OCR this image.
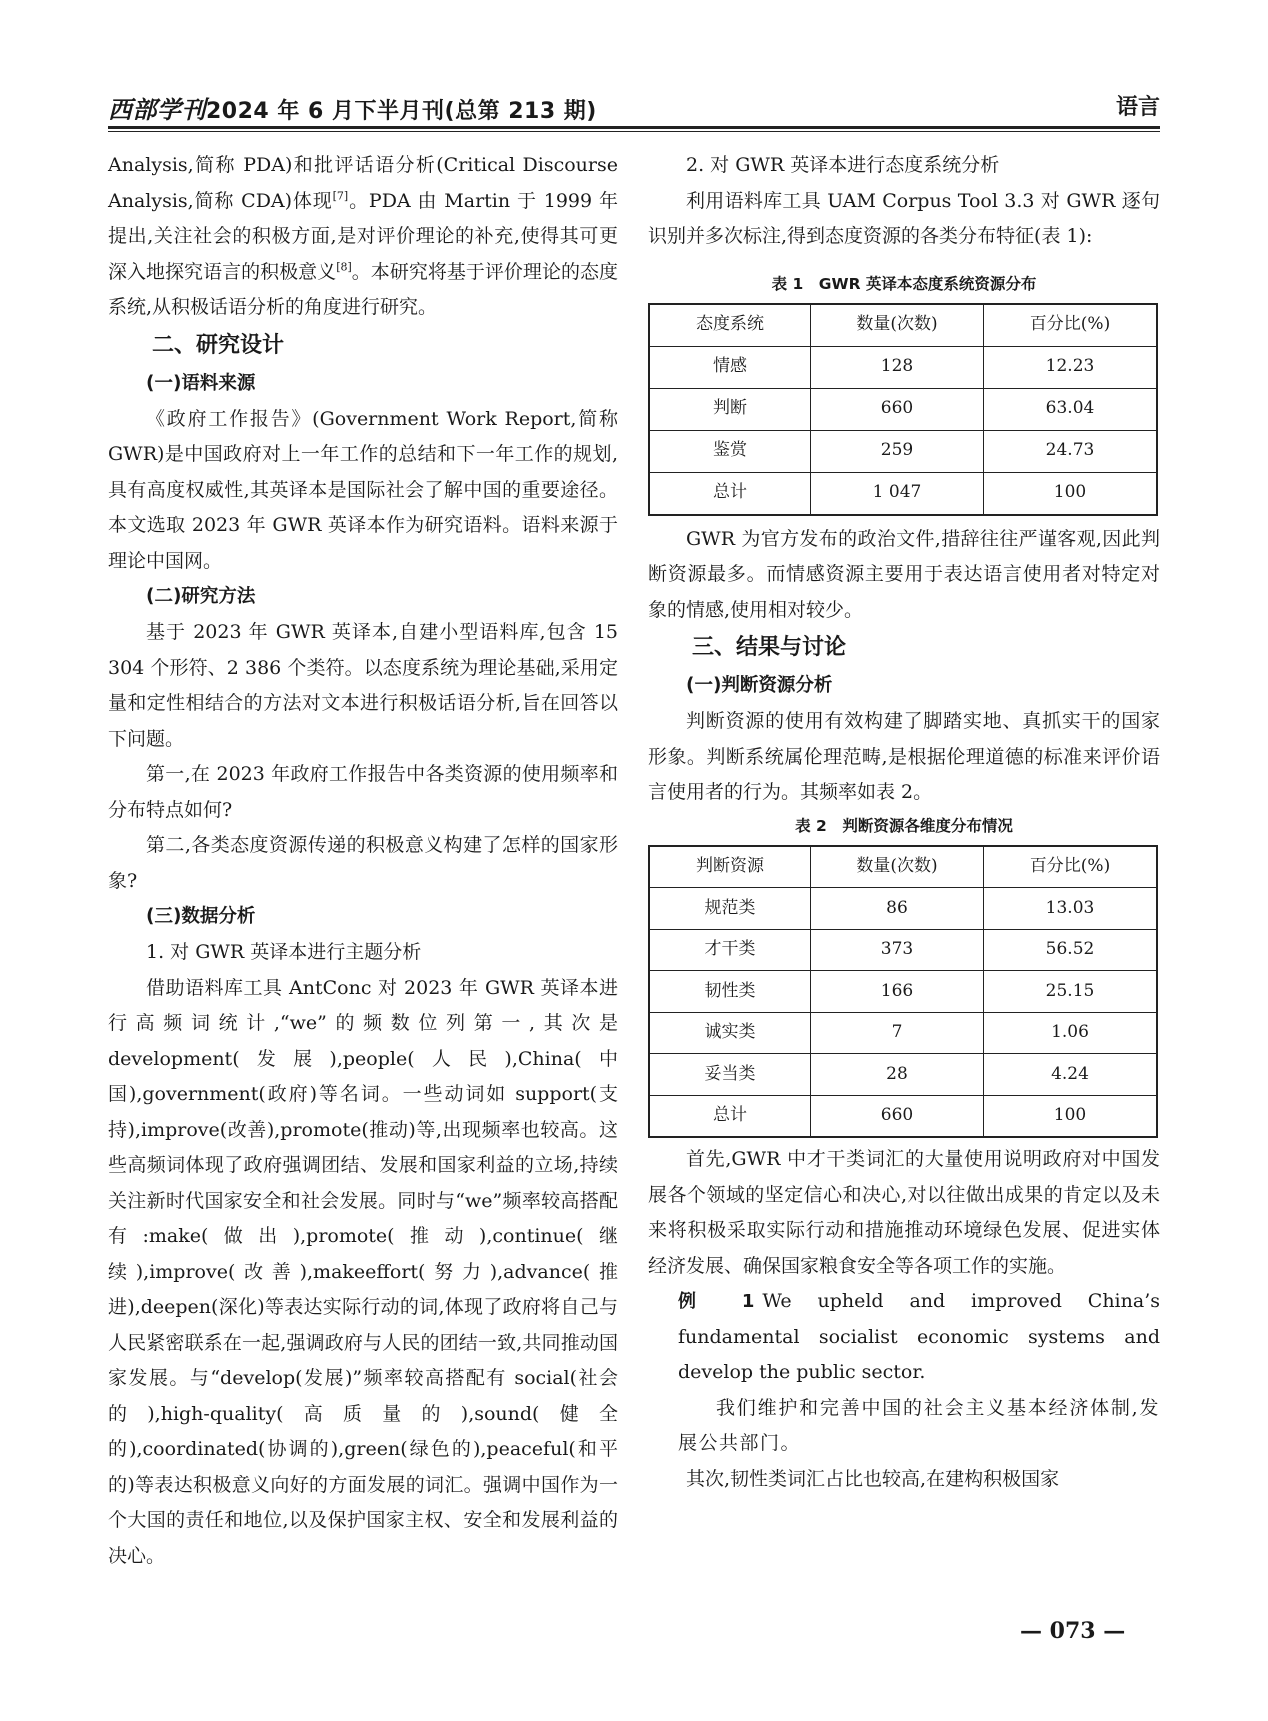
西部学刊2024 年 6 月下半月刊(总第 213 期)	语言

Analysis,简称 PDA)和批评话语分析(Critical Discourse Analysis,简称 CDA)体现[7]。PDA 由 Martin 于 1999 年提出,关注社会的积极方面,是对评价理论的补充,使得其可更深入地探究语言的积极意义[8]。本研究将基于评价理论的态度系统,从积极话语分析的角度进行研究。

二、研究设计
(一)语料来源

《政府工作报告》(Government Work Report,简称 GWR)是中国政府对上一年工作的总结和下一年工作的规划,具有高度权威性,其英译本是国际社会了解中国的重要途径。本文选取 2023 年 GWR 英译本作为研究语料。语料来源于理论中国网。

(二)研究方法

基于 2023 年 GWR 英译本,自建小型语料库,包含 15 304 个形符、2 386 个类符。以态度系统为理论基础,采用定量和定性相结合的方法对文本进行积极话语分析,旨在回答以下问题。

第一,在 2023 年政府工作报告中各类资源的使用频率和分布特点如何?

第二,各类态度资源传递的积极意义构建了怎样的国家形象?

(三)数据分析

1. 对 GWR 英译本进行主题分析

借助语料库工具 AntConc 对 2023 年 GWR 英译本进行高频词统计,“we”的频数位列第一,其次是 development(发展),people(人民),China(中国),government(政府)等名词。一些动词如 support(支持),improve(改善),promote(推动)等,出现频率也较高。这些高频词体现了政府强调团结、发展和国家利益的立场,持续关注新时代国家安全和社会发展。同时与“we”频率较高搭配有:make(做出),promote(推动),continue(继续),improve(改善),makeeffort(努力),advance(推进),deepen(深化)等表达实际行动的词,体现了政府将自己与人民紧密联系在一起,强调政府与人民的团结一致,共同推动国家发展。与“develop(发展)”频率较高搭配有 social(社会的),high-quality(高质量的),sound(健全的),coordinated(协调的),green(绿色的),peaceful(和平的)等表达积极意义向好的方面发展的词汇。强调中国作为一个大国的责任和地位,以及保护国家主权、安全和发展利益的决心。

2. 对 GWR 英译本进行态度系统分析

利用语料库工具 UAM Corpus Tool 3.3 对 GWR 逐句识别并多次标注,得到态度资源的各类分布特征(表 1):

表 1　GWR 英译本态度系统资源分布
态度系统	数量(次数)	百分比(%)
情感	128	12.23
判断	660	63.04
鉴赏	259	24.73
总计	1 047	100

GWR 为官方发布的政治文件,措辞往往严谨客观,因此判断资源最多。而情感资源主要用于表达语言使用者对特定对象的情感,使用相对较少。

三、结果与讨论
(一)判断资源分析

判断资源的使用有效构建了脚踏实地、真抓实干的国家形象。判断系统属伦理范畴,是根据伦理道德的标准来评价语言使用者的行为。其频率如表 2。

表 2　判断资源各维度分布情况
判断资源	数量(次数)	百分比(%)
规范类	86	13.03
才干类	373	56.52
韧性类	166	25.15
诚实类	7	1.06
妥当类	28	4.24
总计	660	100

首先,GWR 中才干类词汇的大量使用说明政府对中国发展各个领域的坚定信心和决心,对以往做出成果的肯定以及未来将积极采取实际行动和措施推动环境绿色发展、促进实体经济发展、确保国家粮食安全等各项工作的实施。

例 1 We upheld and improved China’s fundamental socialist economic systems and develop the public sector.

我们维护和完善中国的社会主义基本经济体制,发展公共部门。

其次,韧性类词汇占比也较高,在建构积极国家

— 073 —
